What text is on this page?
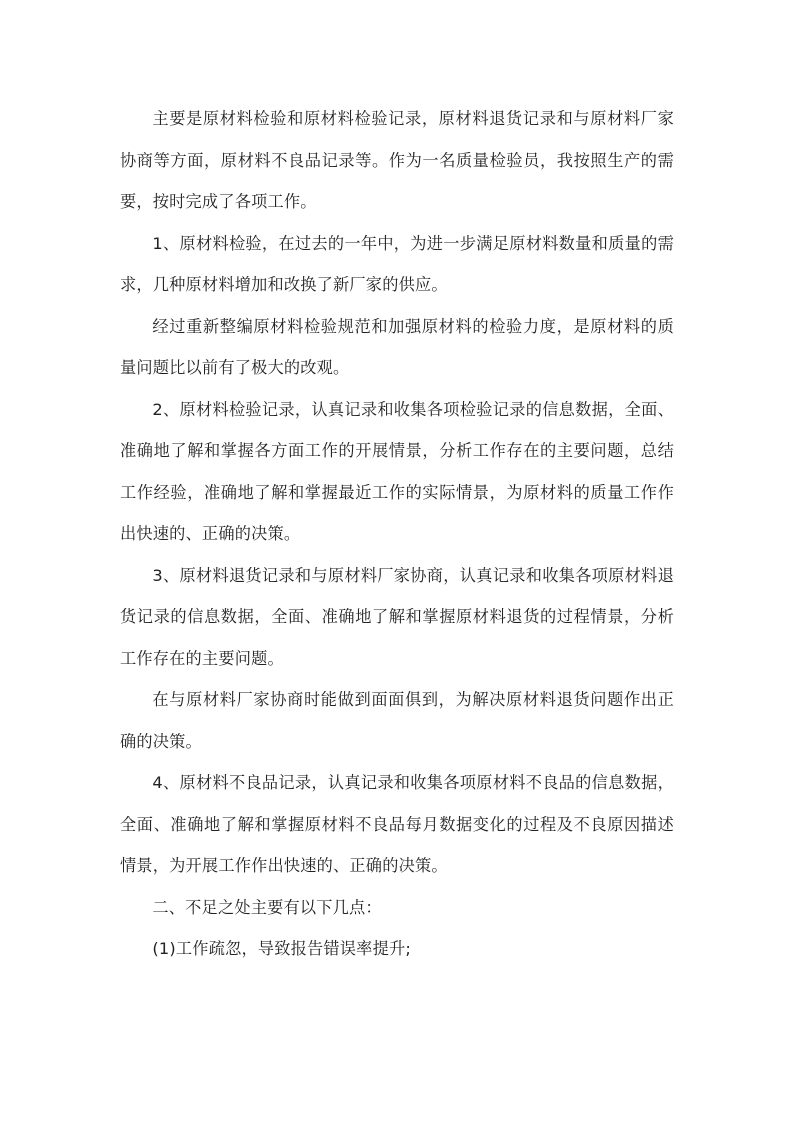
主要是原材料检验和原材料检验记录，原材料退货记录和与原材料厂家协商等方面，原材料不良品记录等。作为一名质量检验员，我按照生产的需要，按时完成了各项工作。

1、原材料检验，在过去的一年中，为进一步满足原材料数量和质量的需求，几种原材料增加和改换了新厂家的供应。

经过重新整编原材料检验规范和加强原材料的检验力度，是原材料的质量问题比以前有了极大的改观。

2、原材料检验记录，认真记录和收集各项检验记录的信息数据，全面、准确地了解和掌握各方面工作的开展情景，分析工作存在的主要问题，总结工作经验，准确地了解和掌握最近工作的实际情景，为原材料的质量工作作出快速的、正确的决策。

3、原材料退货记录和与原材料厂家协商，认真记录和收集各项原材料退货记录的信息数据，全面、准确地了解和掌握原材料退货的过程情景，分析工作存在的主要问题。

在与原材料厂家协商时能做到面面俱到，为解决原材料退货问题作出正确的决策。

4、原材料不良品记录，认真记录和收集各项原材料不良品的信息数据，全面、准确地了解和掌握原材料不良品每月数据变化的过程及不良原因描述情景，为开展工作作出快速的、正确的决策。

二、不足之处主要有以下几点：

(1)工作疏忽，导致报告错误率提升;
